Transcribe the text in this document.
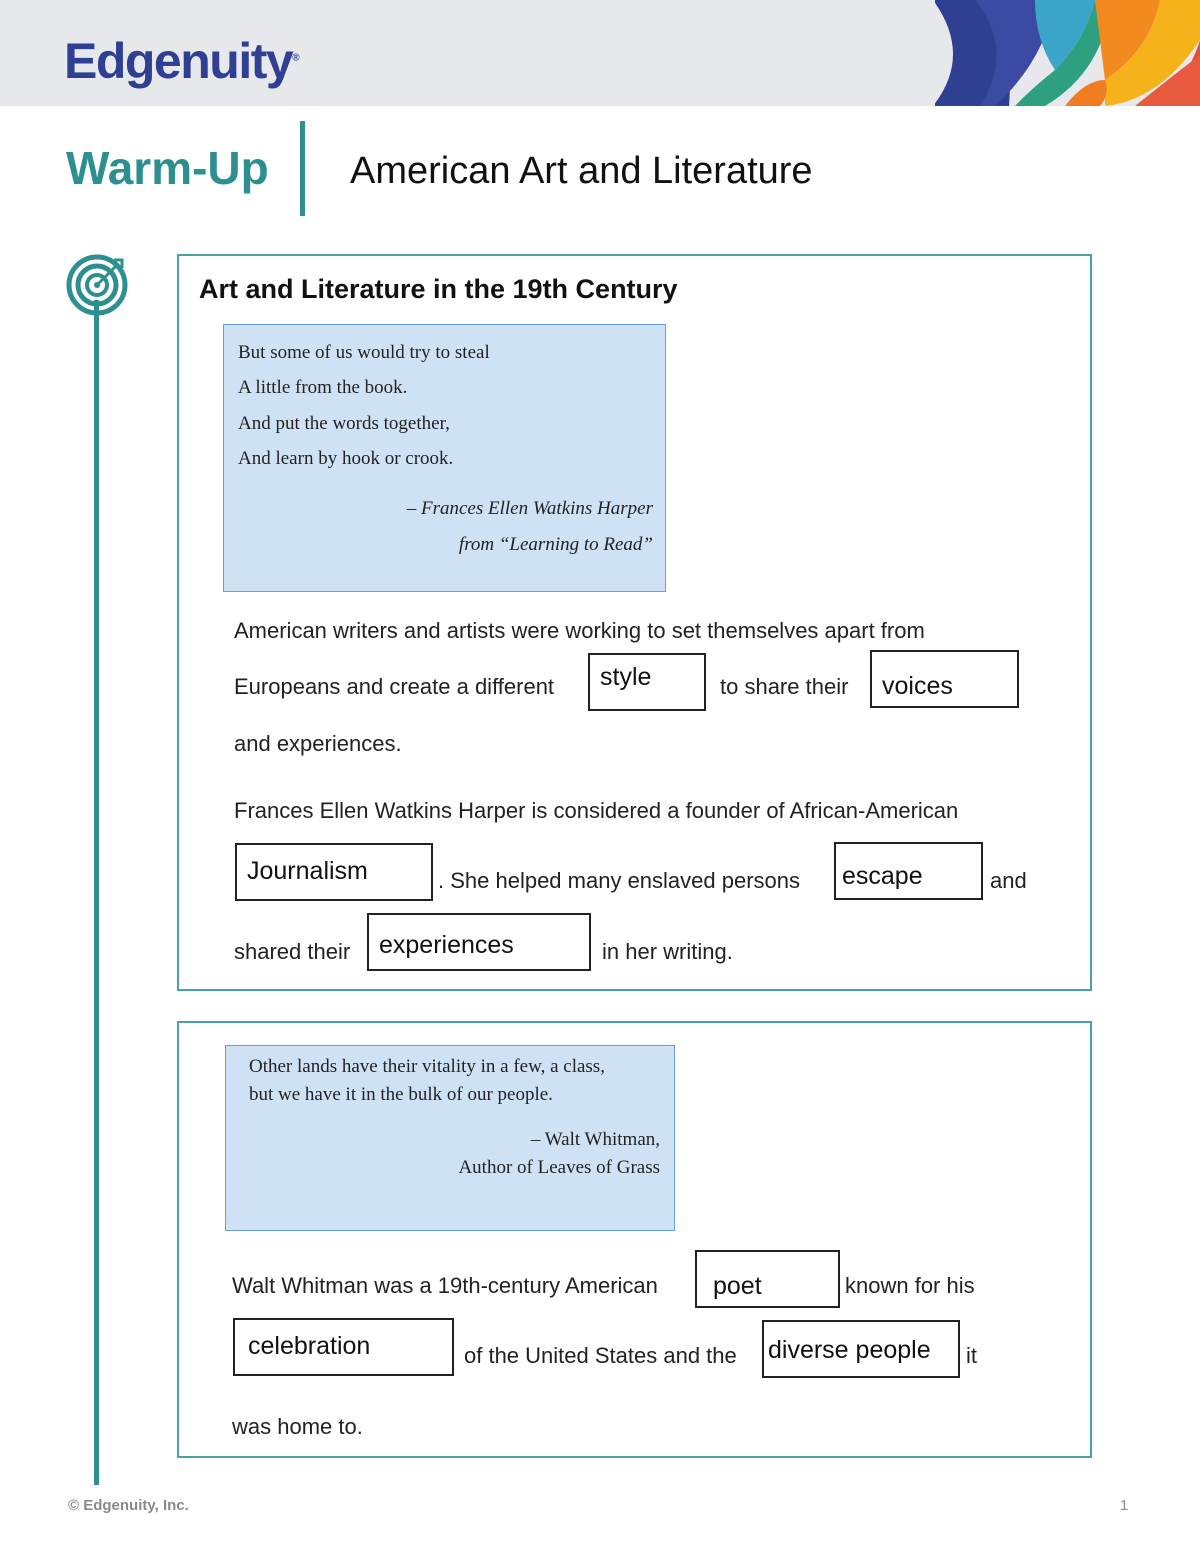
Edgenuity®
Warm-Up American Art and Literature
Art and Literature in the 19th Century
But some of us would try to steal
A little from the book.
And put the words together,
And learn by hook or crook.
– Frances Ellen Watkins Harper
from “Learning to Read”
American writers and artists were working to set themselves apart from
Europeans and create a different	style	to share their	voices
and experiences.
Frances Ellen Watkins Harper is considered a founder of African-American
Journalism	. She helped many enslaved persons	escape	and
shared their	experiences	in her writing.
Other lands have their vitality in a few, a class,
but we have it in the bulk of our people.
– Walt Whitman,
Author of Leaves of Grass
Walt Whitman was a 19th-century American	poet	known for his
celebration	of the United States and the diverse people	it
was home to.
© Edgenuity, Inc.	1
